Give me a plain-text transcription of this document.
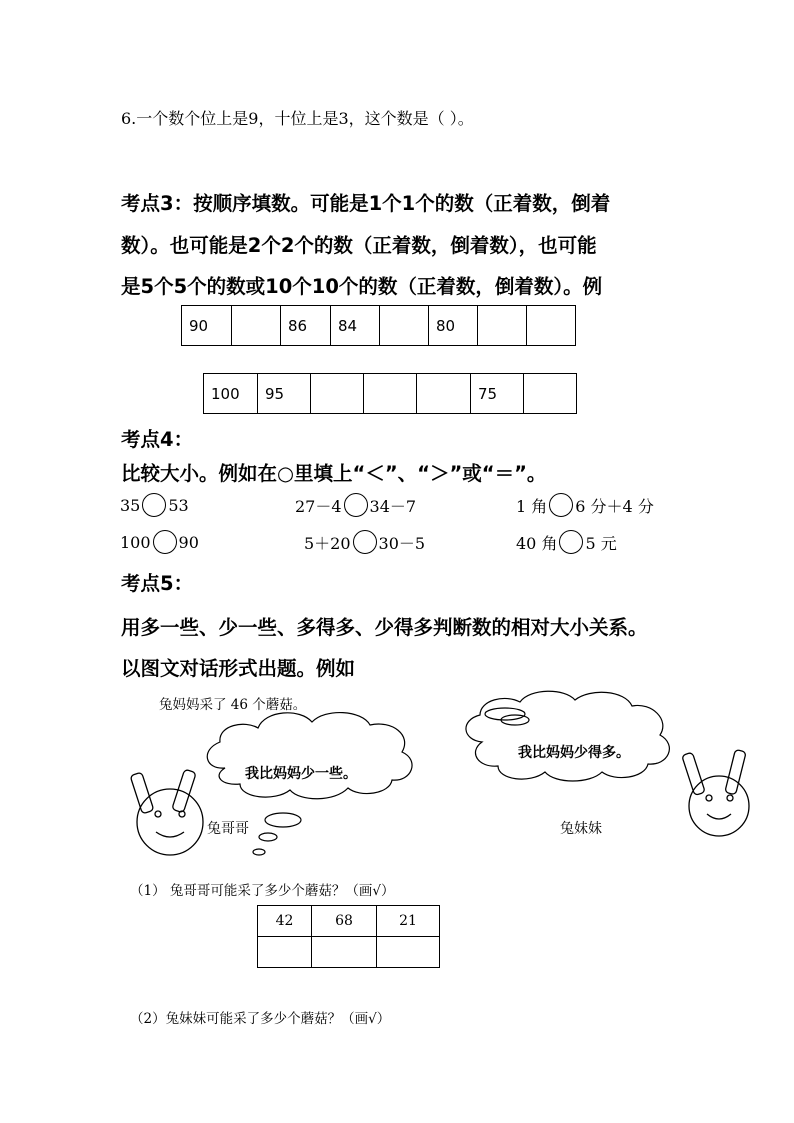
6.一个数个位上是9，十位上是3，这个数是（ ）。
考点3：按顺序填数。可能是1个1个的数（正着数，倒着
数）。也可能是2个2个的数（正着数，倒着数），也可能
是5个5个的数或10个10个的数（正着数，倒着数）。例
90		86	84		80		
100	95				75	
考点4：
比较大小。例如在○里填上“＜”、“＞”或“＝”。
35 53	27－4 34－7	1 角 6 分＋4 分
100 90	5＋20 30－5	40 角 5 元
考点5：
用多一些、少一些、多得多、少得多判断数的相对大小关系。
以图文对话形式出题。例如
兔妈妈采了 46 个蘑菇。
我比妈妈少一些。
我比妈妈少得多。
兔哥哥	兔妹妹
（1） 兔哥哥可能采了多少个蘑菇？（画√）
42	68	21

（2）兔妹妹可能采了多少个蘑菇？（画√）
